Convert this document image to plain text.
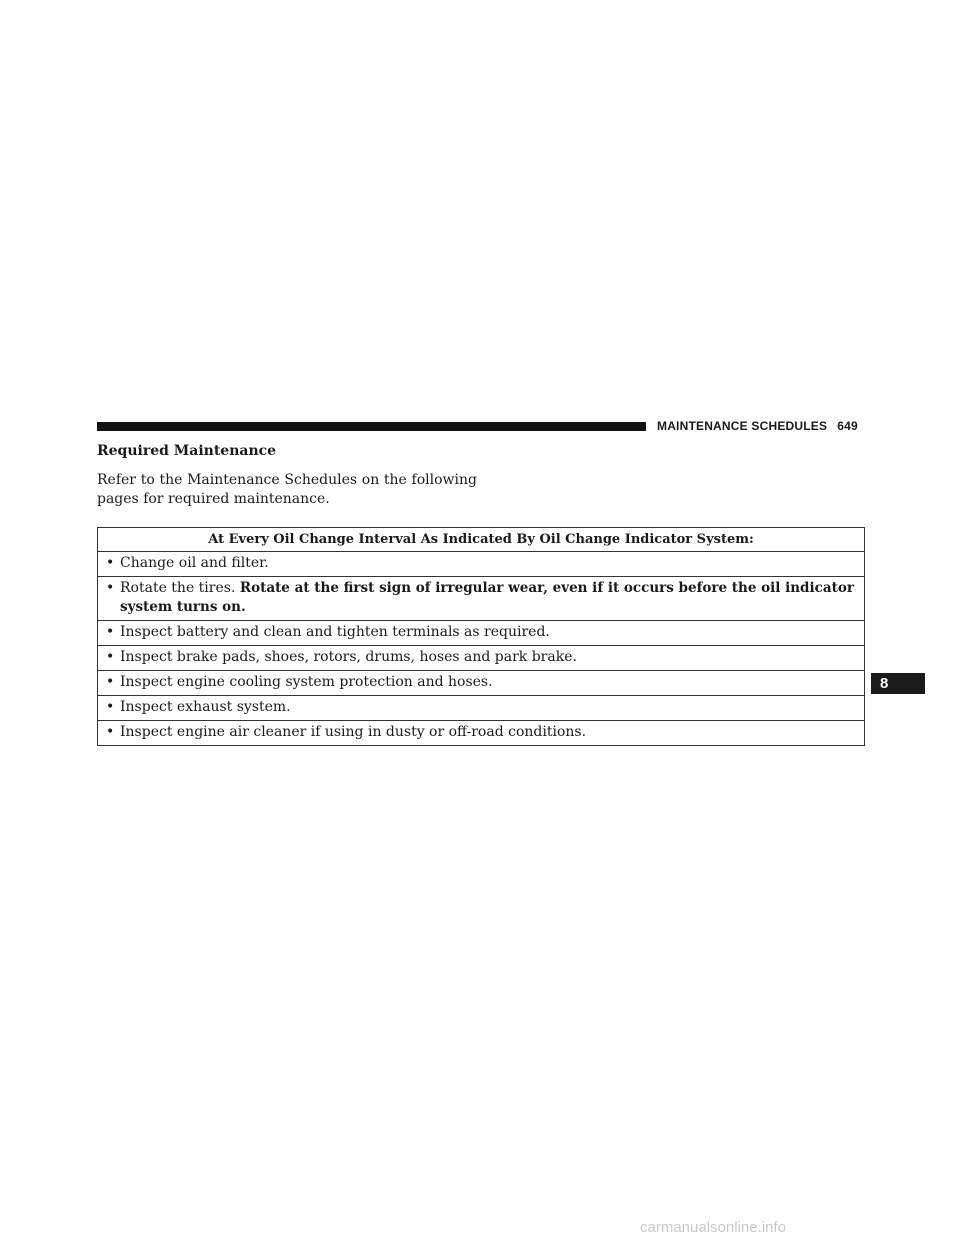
MAINTENANCE SCHEDULES 649
Required Maintenance
Refer to the Maintenance Schedules on the following pages for required maintenance.
At Every Oil Change Interval As Indicated By Oil Change Indicator System:
• Change oil and filter.
• Rotate the tires. Rotate at the first sign of irregular wear, even if it occurs before the oil indicator system turns on.
• Inspect battery and clean and tighten terminals as required.
• Inspect brake pads, shoes, rotors, drums, hoses and park brake.
• Inspect engine cooling system protection and hoses.
• Inspect exhaust system.
• Inspect engine air cleaner if using in dusty or off-road conditions.
8
carmanualsonline.info
